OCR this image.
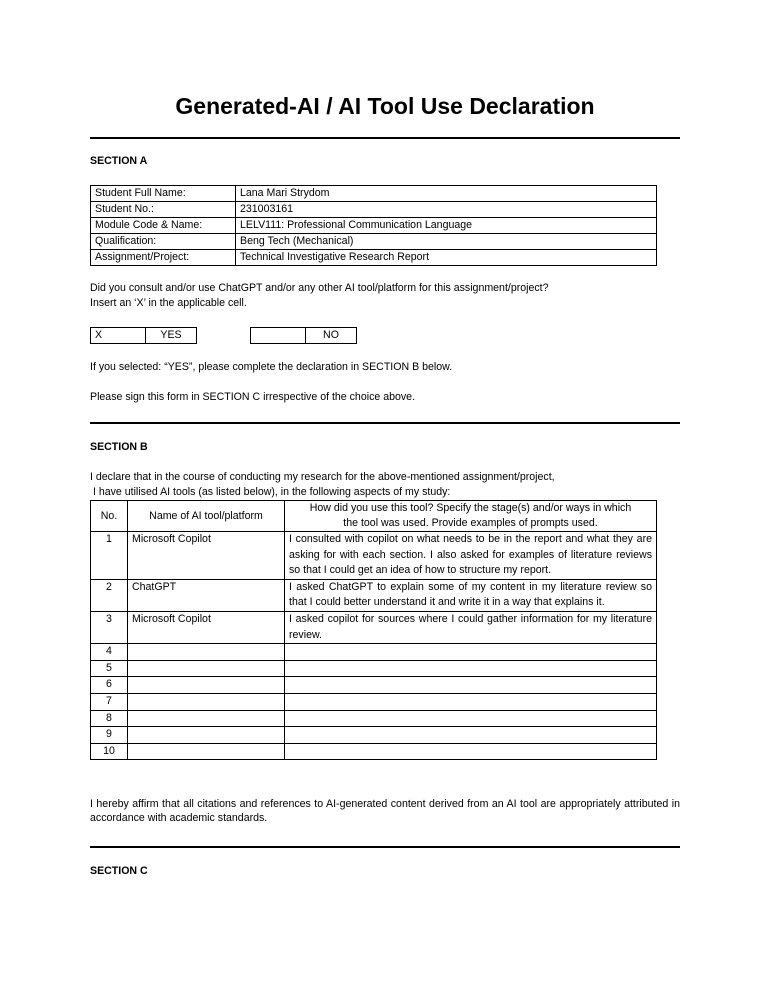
Generated-AI / AI Tool Use Declaration
SECTION A
Student Full Name:	Lana Mari Strydom
Student No.:	231003161
Module Code & Name:	LELV111: Professional Communication Language
Qualification:	Beng Tech (Mechanical)
Assignment/Project:	Technical Investigative Research Report
Did you consult and/or use ChatGPT and/or any other AI tool/platform for this assignment/project?
Insert an ‘X’ in the applicable cell.
X	YES
		NO
If you selected: “YES”, please complete the declaration in SECTION B below.
Please sign this form in SECTION C irrespective of the choice above.
SECTION B
I declare that in the course of conducting my research for the above-mentioned assignment/project,
I have utilised AI tools (as listed below), in the following aspects of my study:
No.	Name of AI tool/platform	How did you use this tool? Specify the stage(s) and/or ways in which
the tool was used. Provide examples of prompts used.

1	Microsoft Copilot	I consulted with copilot on what needs to be in the report and what they are asking for with each section. I also asked for examples of literature reviews so that I could get an idea of how to structure my report.
2	ChatGPT	I asked ChatGPT to explain some of my content in my literature review so that I could better understand it and write it in a way that explains it.
3	Microsoft Copilot	I asked copilot for sources where I could gather information for my literature review.
4		
5		
6		
7		
8		
9		
10		
I hereby affirm that all citations and references to AI-generated content derived from an AI tool are appropriately attributed in accordance with academic standards.
SECTION C
